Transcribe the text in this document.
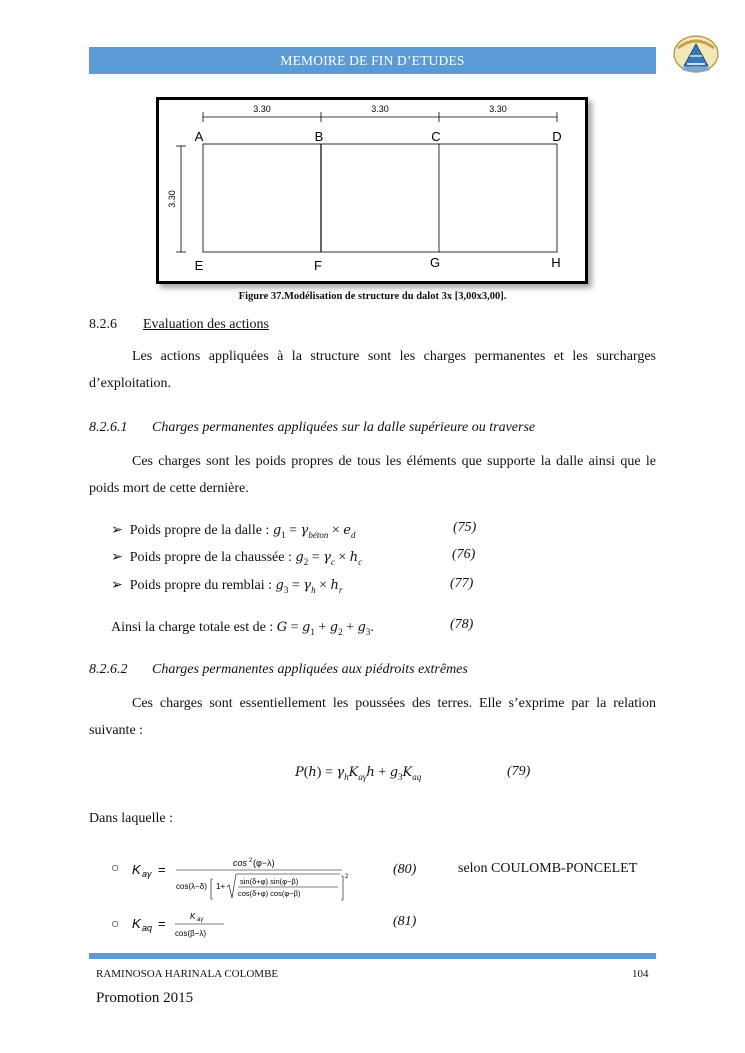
MEMOIRE DE FIN D’ETUDES
3.30	3.30	3.30
3.30
A	B	C	D
E	F	G	H
Figure 37.Modélisation de structure du dalot 3x [3,00x3,00].
8.2.6 Evaluation des actions
Les actions appliquées à la structure sont les charges permanentes et les surcharges d’exploitation.
8.2.6.1 Charges permanentes appliquées sur la dalle supérieure ou traverse
Ces charges sont les poids propres de tous les éléments que supporte la dalle ainsi que le poids mort de cette dernière.
➢ Poids propre de la dalle : $g_1 = \gamma_{béton} \times e_d$	(75)
➢ Poids propre de la chaussée : $g_2 = \gamma_c \times h_c$	(76)
➢ Poids propre du remblai : $g_3 = \gamma_h \times h_r$	(77)
Ainsi la charge totale est de : $G = g_1 + g_2 + g_3$.	(78)
8.2.6.2 Charges permanentes appliquées aux piédroits extrêmes
Ces charges sont essentiellement les poussées des terres. Elle s’exprime par la relation suivante :
$P(h) = \gamma_hK_{a\gamma}h + g_3K_{aq}$	(79)
Dans laquelle :
○ K aγ =	cos 2 (φ−λ)
cos(λ−δ) 1+
sin(δ+φ) sin(φ−β)
cos(δ+φ) cos(φ−β)
2	(80)	selon COULOMB-PONCELET
○ K aq =	K aγ
cos(β−λ)
(81)
RAMINOSOA HARINALA COLOMBE	104
Promotion 2015
